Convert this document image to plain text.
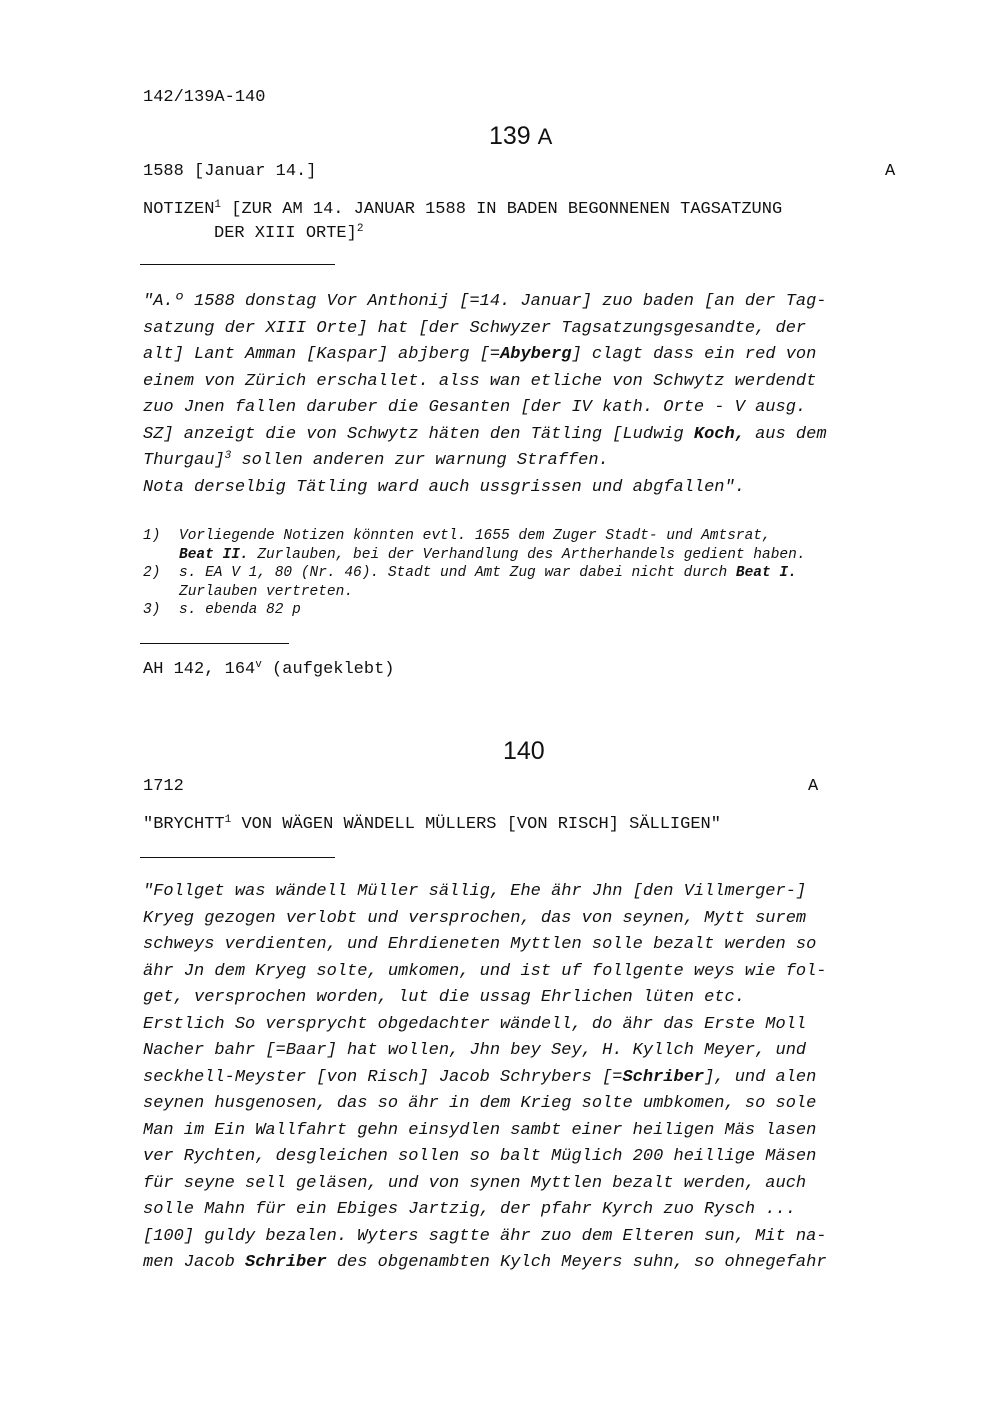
142/139A-140
139 A
1588 [Januar 14.]	A
NOTIZEN$^1$ [ZUR AM 14. JANUAR 1588 IN BADEN BEGONNENEN TAGSATZUNG
DER XIII ORTE]$^2$
"A.º 1588 donstag Vor Anthonij [=14. Januar] zuo baden [an der Tag-
satzung der XIII Orte] hat [der Schwyzer Tagsatzungsgesandte, der
alt] Lant Amman [Kaspar] abjberg [=Abyberg] clagt dass ein red von
einem von Zürich erschallet. alss wan etliche von Schwytz werdendt
zuo Jnen fallen daruber die Gesanten [der IV kath. Orte - V ausg.
SZ] anzeigt die von Schwytz häten den Tätling [Ludwig Koch, aus dem
Thurgau]$^3$ sollen anderen zur warnung Straffen.
Nota derselbig Tätling ward auch ussgrissen und abgfallen".
1) Vorliegende Notizen könnten evtl. 1655 dem Zuger Stadt- und Amtsrat,
Beat II. Zurlauben, bei der Verhandlung des Artherhandels gedient haben.
2) s. EA V 1, 80 (Nr. 46). Stadt und Amt Zug war dabei nicht durch Beat I.
Zurlauben vertreten.
3) s. ebenda 82 p
AH 142, 164$^v$ (aufgeklebt)
140
1712	A
"BRYCHTT$^1$ VON WÄGEN WÄNDELL MÜLLERS [VON RISCH] SÄLLIGEN"
"Follget was wändell Müller sällig, Ehe ähr Jhn [den Villmerger-]
Kryeg gezogen verlobt und versprochen, das von seynen, Mytt surem
schweys verdienten, und Ehrdieneten Myttlen solle bezalt werden so
ähr Jn dem Kryeg solte, umkomen, und ist uf follgente weys wie fol-
get, versprochen worden, lut die ussag Ehrlichen lüten etc.
Erstlich So versprycht obgedachter wändell, do ähr das Erste Moll
Nacher bahr [=Baar] hat wollen, Jhn bey Sey, H. Kyllch Meyer, und
seckhell-Meyster [von Risch] Jacob Schrybers [=Schriber], und alen
seynen husgenosen, das so ähr in dem Krieg solte umbkomen, so sole
Man im Ein Wallfahrt gehn einsydlen sambt einer heiligen Mäs lasen
ver Rychten, desgleichen sollen so balt Müglich 200 heillige Mäsen
für seyne sell geläsen, und von synen Myttlen bezalt werden, auch
solle Mahn für ein Ebiges Jartzig, der pfahr Kyrch zuo Rysch ...
[100] guldy bezalen. Wyters sagtte ähr zuo dem Elteren sun, Mit na-
men Jacob Schriber des obgenambten Kylch Meyers suhn, so ohnegefahr
